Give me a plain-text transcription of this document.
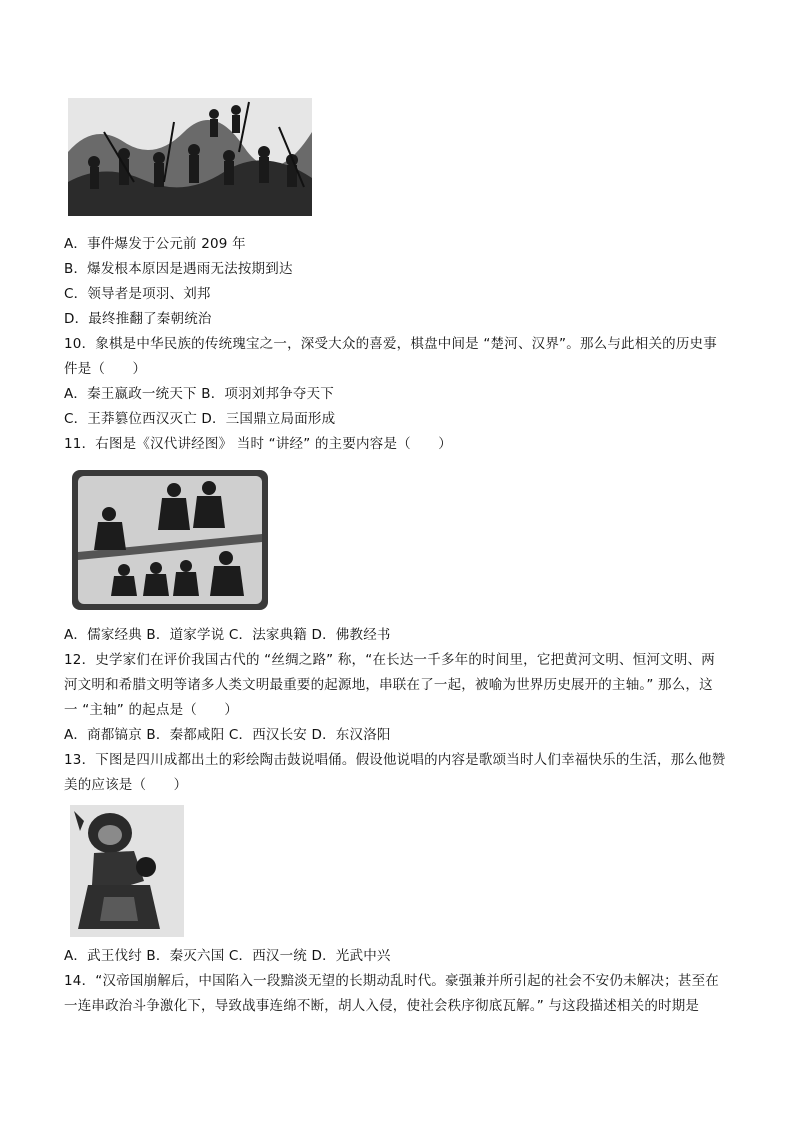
A．事件爆发于公元前 209 年
B．爆发根本原因是遇雨无法按期到达
C．领导者是项羽、刘邦
D．最终推翻了秦朝统治
10．象棋是中华民族的传统瑰宝之一，深受大众的喜爱，棋盘中间是 “楚河、汉界”。那么与此相关的历史事
件是（　　）
A．秦王嬴政一统天下 B．项羽刘邦争夺天下
C．王莽篡位西汉灭亡 D．三国鼎立局面形成
11．右图是《汉代讲经图》 当时 “讲经” 的主要内容是（　　）
A．儒家经典 B．道家学说 C．法家典籍 D．佛教经书
12．史学家们在评价我国古代的 “丝绸之路” 称，“在长达一千多年的时间里，它把黄河文明、恒河文明、两
河文明和希腊文明等诸多人类文明最重要的起源地，串联在了一起，被喻为世界历史展开的主轴。” 那么，这
一 “主轴” 的起点是（　　）
A．商都镐京 B．秦都咸阳 C．西汉长安 D．东汉洛阳
13．下图是四川成都出土的彩绘陶击鼓说唱俑。假设他说唱的内容是歌颂当时人们幸福快乐的生活，那么他赞
美的应该是（　　）
A．武王伐纣 B．秦灭六国 C．西汉一统 D．光武中兴
14．“汉帝国崩解后，中国陷入一段黯淡无望的长期动乱时代。豪强兼并所引起的社会不安仍未解决；甚至在
一连串政治斗争激化下，导致战事连绵不断，胡人入侵，使社会秩序彻底瓦解。” 与这段描述相关的时期是
